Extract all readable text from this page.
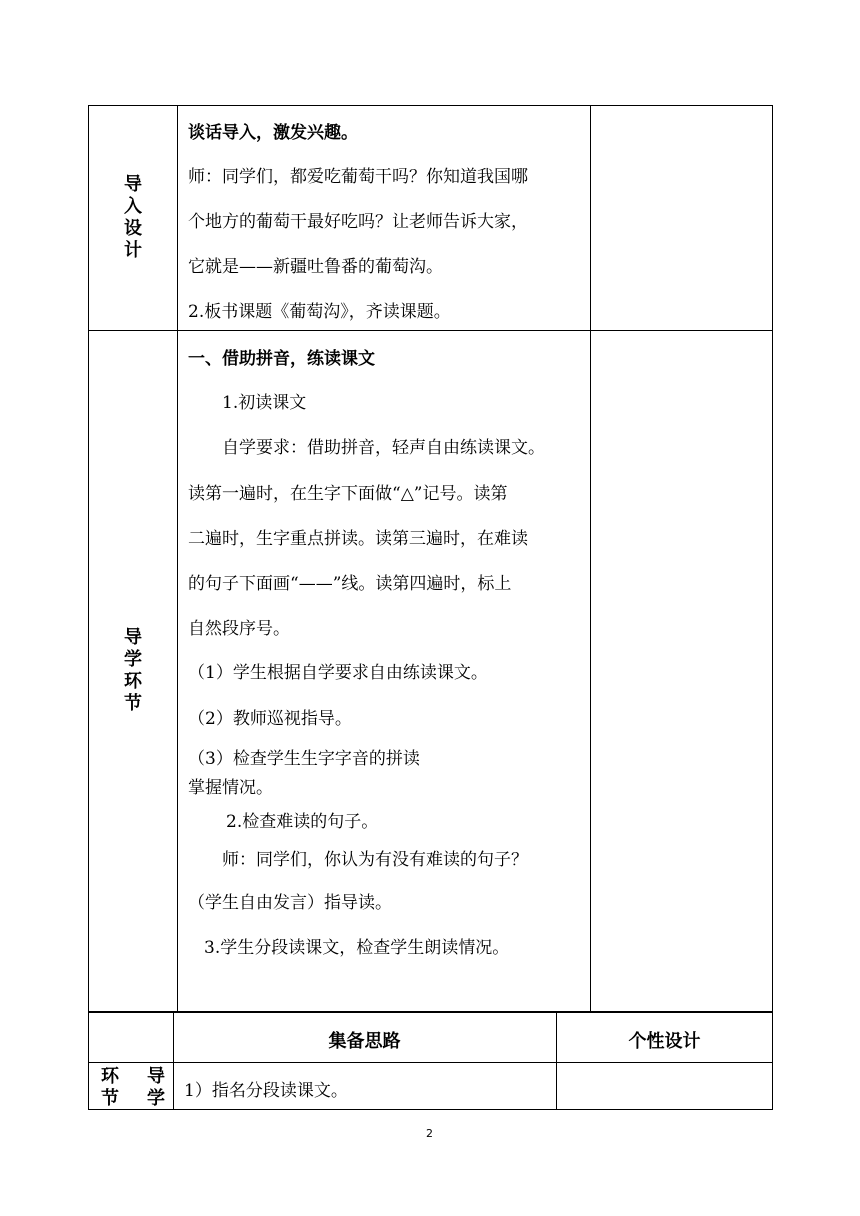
导
入
设
计
谈话导入，激发兴趣。
师：同学们，都爱吃葡萄干吗？你知道我国哪
个地方的葡萄干最好吃吗？让老师告诉大家，
它就是——新疆吐鲁番的葡萄沟。
2.板书课题《葡萄沟》，齐读课题。
导
学
环
节
一、借助拼音，练读课文
1.初读课文
自学要求：借助拼音，轻声自由练读课文。
读第一遍时，在生字下面做“△”记号。读第
二遍时，生字重点拼读。读第三遍时，在难读
的句子下面画“——”线。读第四遍时，标上
自然段序号。
（1）学生根据自学要求自由练读课文。
（2）教师巡视指导。
（3）检查学生生字字音的拼读
掌握情况。
2.检查难读的句子。
师：同学们，你认为有没有难读的句子？
（学生自由发言）指导读。
3.学生分段读课文，检查学生朗读情况。
集备思路	个性设计
环
节
导
学 1）指名分段读课文。
2
